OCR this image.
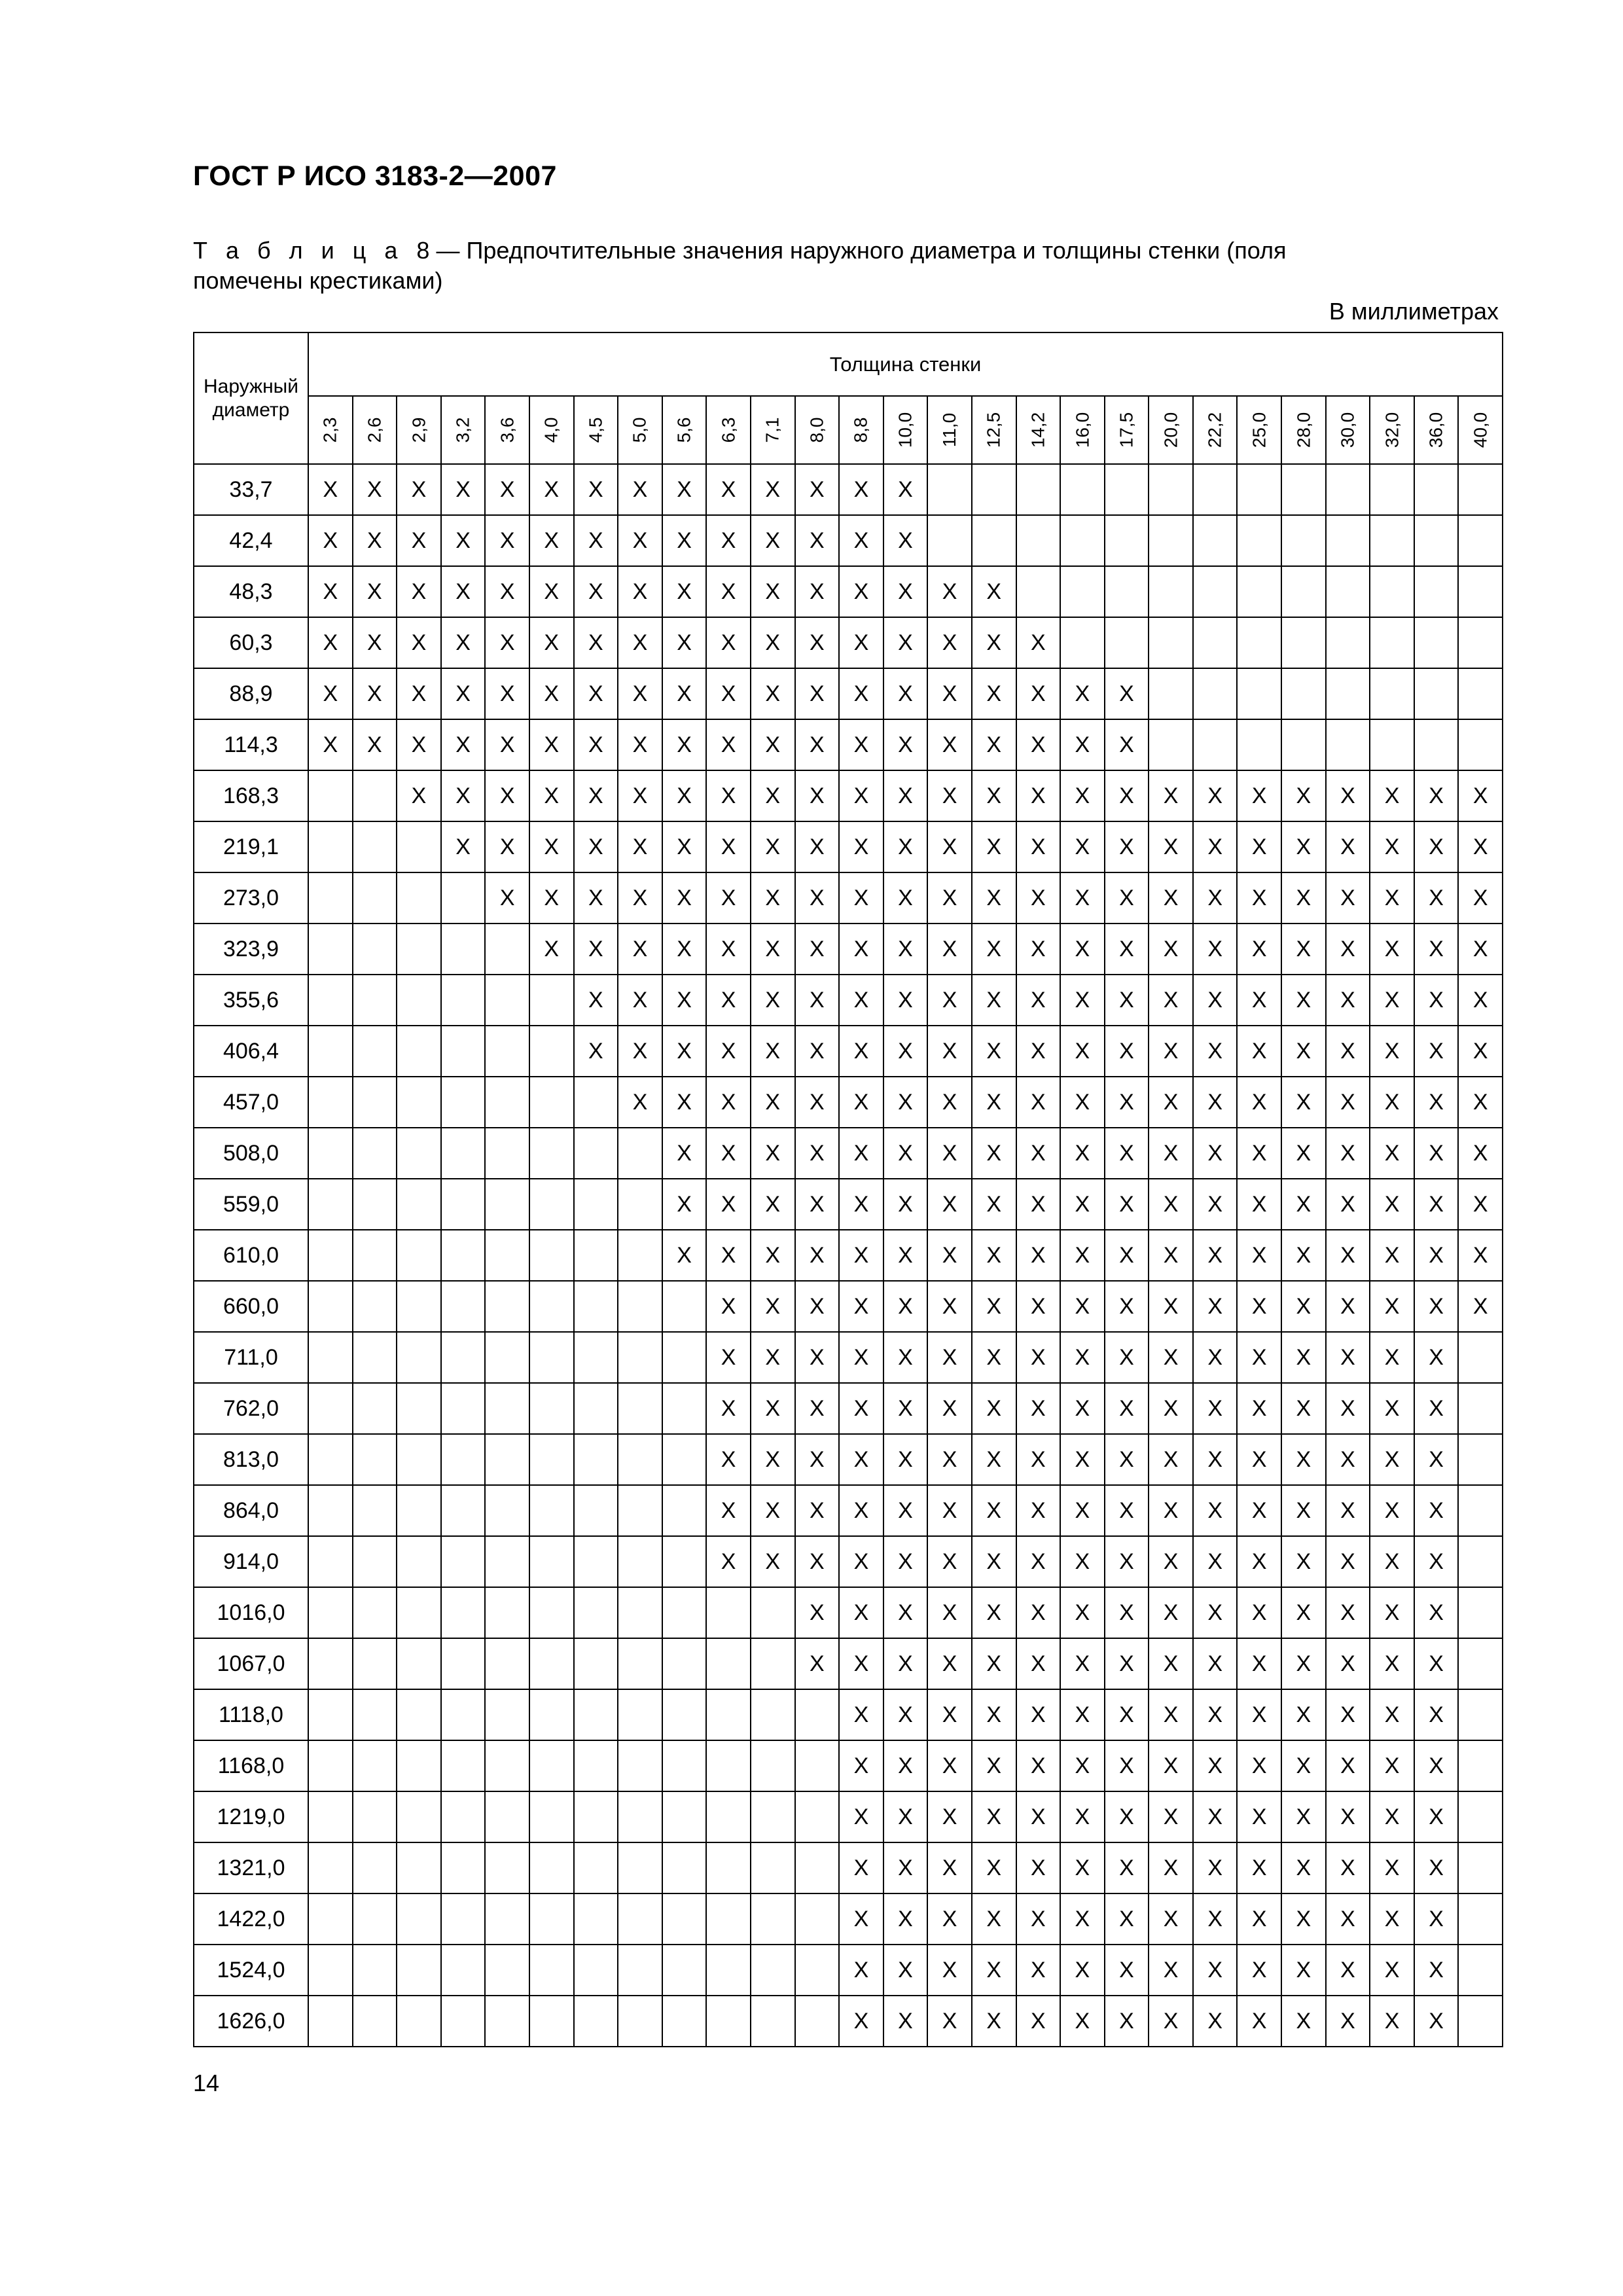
ГОСТ Р ИСО 3183-2—2007
Т а б л и ц а 8 — Предпочтительные значения наружного диаметра и толщины стенки (поля помечены крестиками)
В миллиметрах
Наружный диаметр	Толщина стенки																										
	2,3	2,6	2,9	3,2	3,6	4,0	4,5	5,0	5,6	6,3	7,1	8,0	8,8	10,0	11,0	12,5	14,2	16,0	17,5	20,0	22,2	25,0	28,0	30,0	32,0	36,0	40,0
33,7	X	X	X	X	X	X	X	X	X	X	X	X	X	X													
42,4	X	X	X	X	X	X	X	X	X	X	X	X	X	X													
48,3	X	X	X	X	X	X	X	X	X	X	X	X	X	X	X	X											
60,3	X	X	X	X	X	X	X	X	X	X	X	X	X	X	X	X	X										
88,9	X	X	X	X	X	X	X	X	X	X	X	X	X	X	X	X	X	X	X								
114,3	X	X	X	X	X	X	X	X	X	X	X	X	X	X	X	X	X	X	X								
168,3			X	X	X	X	X	X	X	X	X	X	X	X	X	X	X	X	X	X	X	X	X	X	X	X	X
219,1				X	X	X	X	X	X	X	X	X	X	X	X	X	X	X	X	X	X	X	X	X	X	X	X
273,0					X	X	X	X	X	X	X	X	X	X	X	X	X	X	X	X	X	X	X	X	X	X	X
323,9						X	X	X	X	X	X	X	X	X	X	X	X	X	X	X	X	X	X	X	X	X	X
355,6							X	X	X	X	X	X	X	X	X	X	X	X	X	X	X	X	X	X	X	X	X
406,4							X	X	X	X	X	X	X	X	X	X	X	X	X	X	X	X	X	X	X	X	X
457,0								X	X	X	X	X	X	X	X	X	X	X	X	X	X	X	X	X	X	X	X
508,0									X	X	X	X	X	X	X	X	X	X	X	X	X	X	X	X	X	X	X
559,0									X	X	X	X	X	X	X	X	X	X	X	X	X	X	X	X	X	X	X
610,0									X	X	X	X	X	X	X	X	X	X	X	X	X	X	X	X	X	X	X
660,0										X	X	X	X	X	X	X	X	X	X	X	X	X	X	X	X	X	X
711,0										X	X	X	X	X	X	X	X	X	X	X	X	X	X	X	X	X	
762,0										X	X	X	X	X	X	X	X	X	X	X	X	X	X	X	X	X	
813,0										X	X	X	X	X	X	X	X	X	X	X	X	X	X	X	X	X	
864,0										X	X	X	X	X	X	X	X	X	X	X	X	X	X	X	X	X	
914,0										X	X	X	X	X	X	X	X	X	X	X	X	X	X	X	X	X	
1016,0												X	X	X	X	X	X	X	X	X	X	X	X	X	X	X	
1067,0												X	X	X	X	X	X	X	X	X	X	X	X	X	X	X	
1118,0													X	X	X	X	X	X	X	X	X	X	X	X	X	X	
1168,0													X	X	X	X	X	X	X	X	X	X	X	X	X	X	
1219,0													X	X	X	X	X	X	X	X	X	X	X	X	X	X	
1321,0													X	X	X	X	X	X	X	X	X	X	X	X	X	X	
1422,0													X	X	X	X	X	X	X	X	X	X	X	X	X	X	
1524,0													X	X	X	X	X	X	X	X	X	X	X	X	X	X	
1626,0													X	X	X	X	X	X	X	X	X	X	X	X	X	X	
14
